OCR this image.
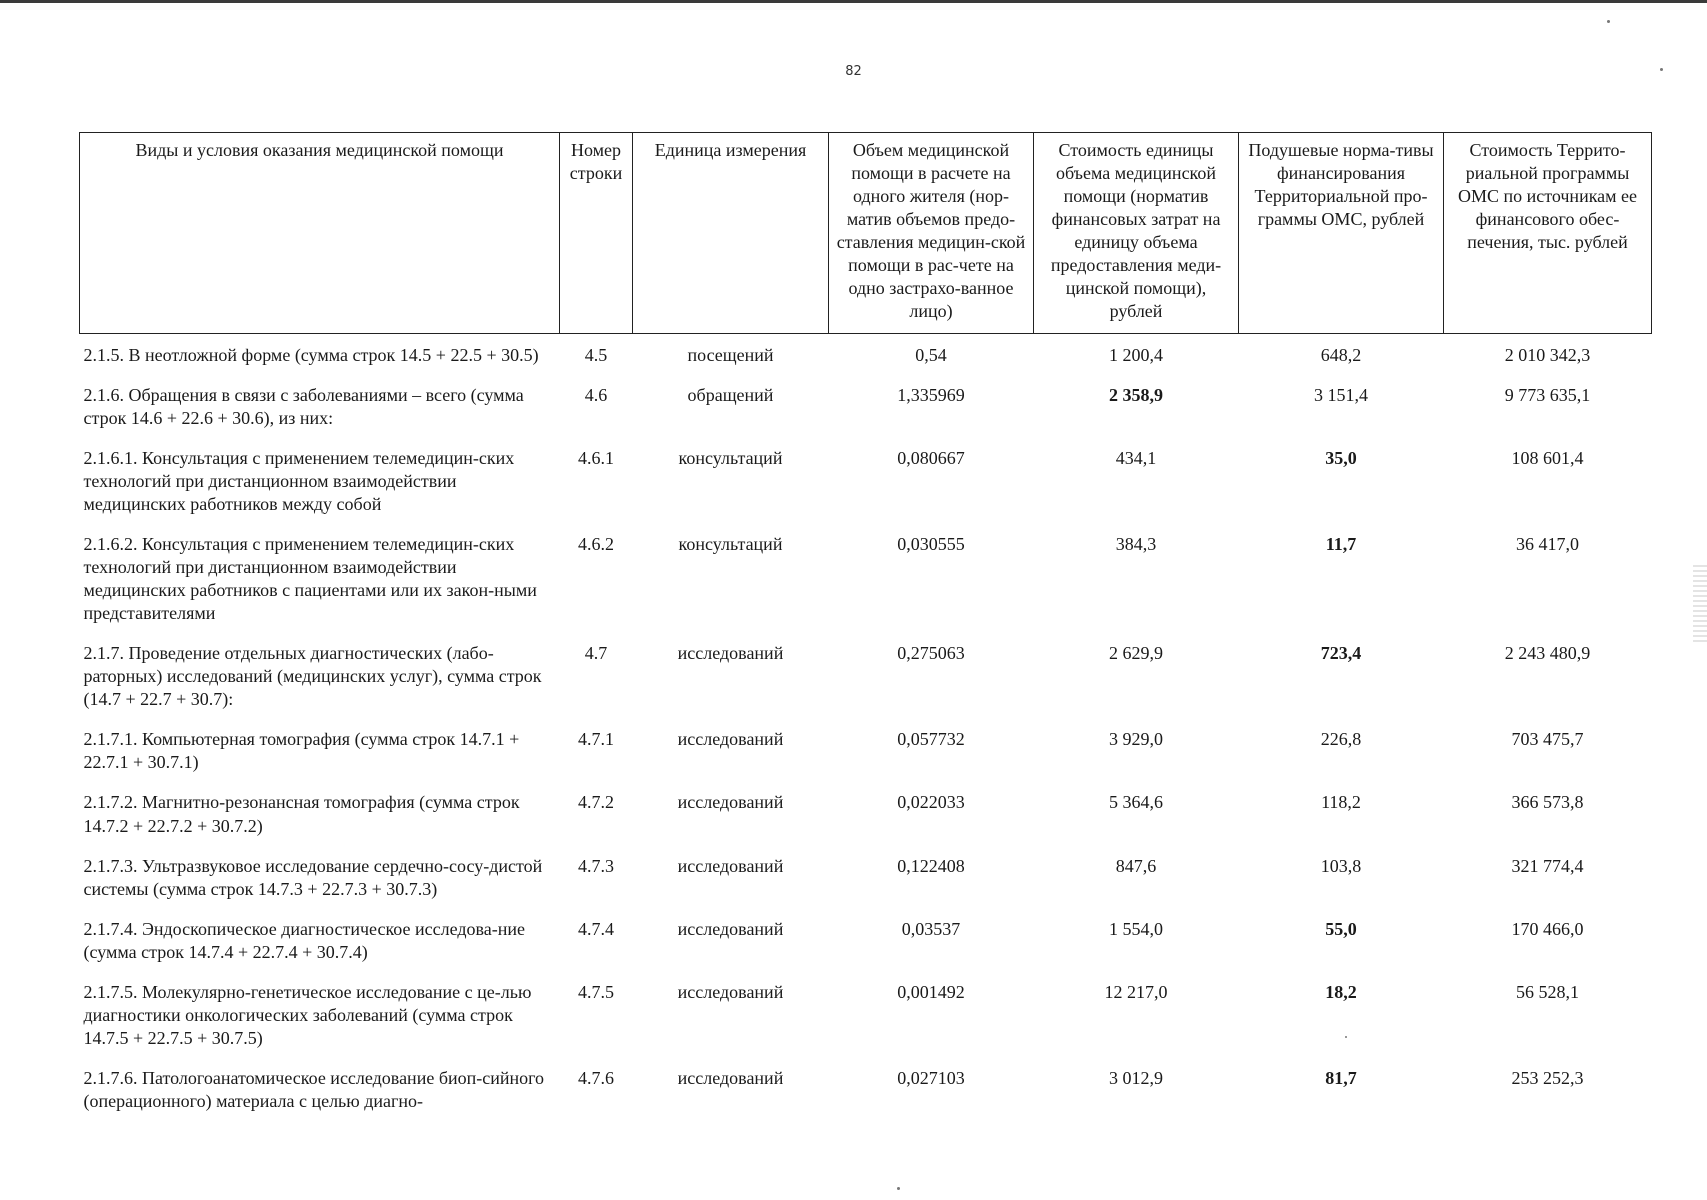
82
Виды и условия оказания медицинской помощи	Номер строки	Единица измерения	Объем медицинской помощи в расчете на одного жителя (нор-матив объемов предо-ставления медицин-ской помощи в рас-чете на одно застрахо-ванное лицо)	Стоимость единицы объема медицинской помощи (норматив финансовых затрат на единицу объема предоставления меди-цинской помощи), рублей	Подушевые норма-тивы финансирования Территориальной про-граммы ОМС, рублей	Стоимость Террито-риальной программы ОМС по источникам ее финансового обес-печения, тыс. рублей
2.1.5. В неотложной форме (сумма строк 14.5 + 22.5 + 30.5)	4.5	посещений	0,54	1 200,4	648,2	2 010 342,3
2.1.6. Обращения в связи с заболеваниями – всего (сумма строк 14.6 + 22.6 + 30.6), из них:	4.6	обращений	1,335969	2 358,9	3 151,4	9 773 635,1
2.1.6.1. Консультация с применением телемедицин-ских технологий при дистанционном взаимодействии медицинских работников между собой	4.6.1	консультаций	0,080667	434,1	35,0	108 601,4
2.1.6.2. Консультация с применением телемедицин-ских технологий при дистанционном взаимодействии медицинских работников с пациентами или их закон-ными представителями	4.6.2	консультаций	0,030555	384,3	11,7	36 417,0
2.1.7. Проведение отдельных диагностических (лабо-раторных) исследований (медицинских услуг), сумма строк (14.7 + 22.7 + 30.7):	4.7	исследований	0,275063	2 629,9	723,4	2 243 480,9
2.1.7.1. Компьютерная томография (сумма строк 14.7.1 + 22.7.1 + 30.7.1)	4.7.1	исследований	0,057732	3 929,0	226,8	703 475,7
2.1.7.2. Магнитно-резонансная томография (сумма строк 14.7.2 + 22.7.2 + 30.7.2)	4.7.2	исследований	0,022033	5 364,6	118,2	366 573,8
2.1.7.3. Ультразвуковое исследование сердечно-сосу-дистой системы (сумма строк 14.7.3 + 22.7.3 + 30.7.3)	4.7.3	исследований	0,122408	847,6	103,8	321 774,4
2.1.7.4. Эндоскопическое диагностическое исследова-ние (сумма строк 14.7.4 + 22.7.4 + 30.7.4)	4.7.4	исследований	0,03537	1 554,0	55,0	170 466,0
2.1.7.5. Молекулярно-генетическое исследование с це-лью диагностики онкологических заболеваний (сумма строк 14.7.5 + 22.7.5 + 30.7.5)	4.7.5	исследований	0,001492	12 217,0	18,2	56 528,1
2.1.7.6. Патологоанатомическое исследование биоп-сийного (операционного) материала с целью диагно-	4.7.6	исследований	0,027103	3 012,9	81,7	253 252,3
